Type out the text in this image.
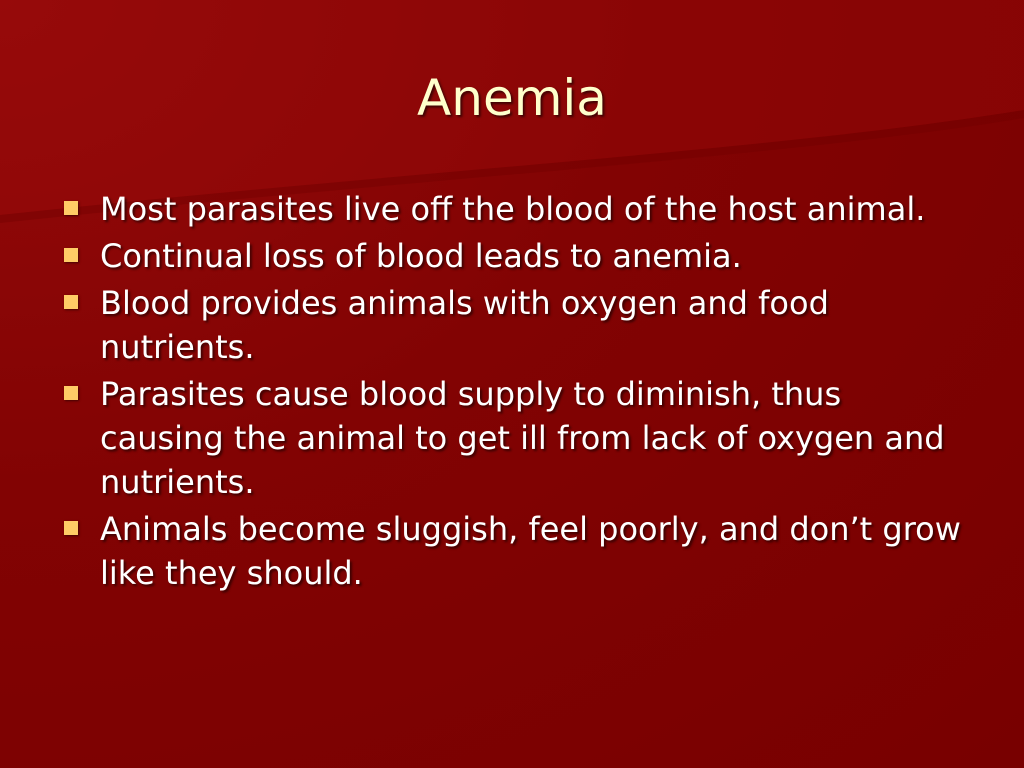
Anemia
Most parasites live off the blood of the host animal.
Continual loss of blood leads to anemia.
Blood provides animals with oxygen and food nutrients.
Parasites cause blood supply to diminish, thus causing the animal to get ill from lack of oxygen and nutrients.
Animals become sluggish, feel poorly, and don’t grow like they should.
